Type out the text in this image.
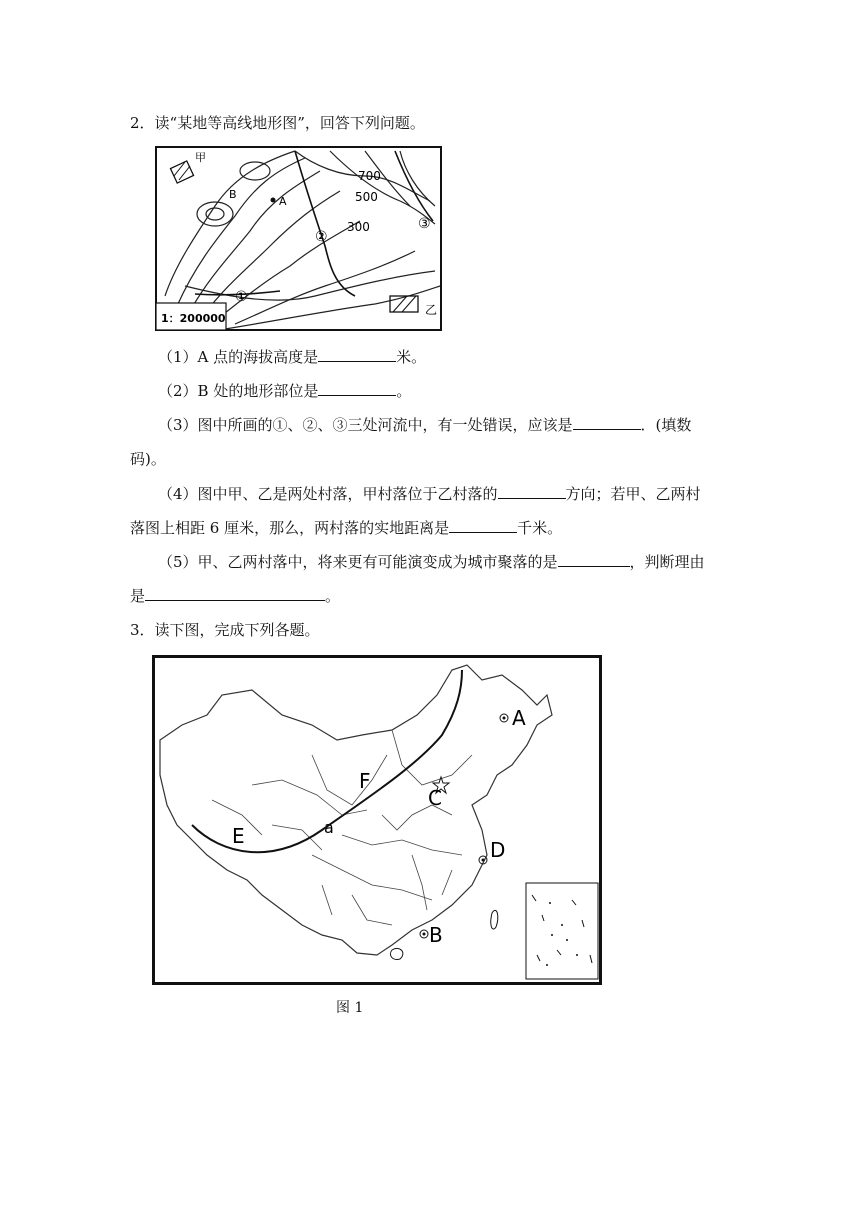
2．读“某地等高线地形图”，回答下列问题。
A
B
700
500
300
②
③
①
甲
乙
1：200000
（1）A 点的海拔高度是	米。
（2）B 处的地形部位是	。
（3）图中所画的①、②、③三处河流中，有一处错误，应该是	．(填数
码)。
（4）图中甲、乙是两处村落，甲村落位于乙村落的	方向；若甲、乙两村
落图上相距 6 厘米，那么，两村落的实地距离是	千米。
（5）甲、乙两村落中，将来更有可能演变成为城市聚落的是	，判断理由
是	。
3．读下图，完成下列各题。
A
B
C
D
E
F
a
图 1
